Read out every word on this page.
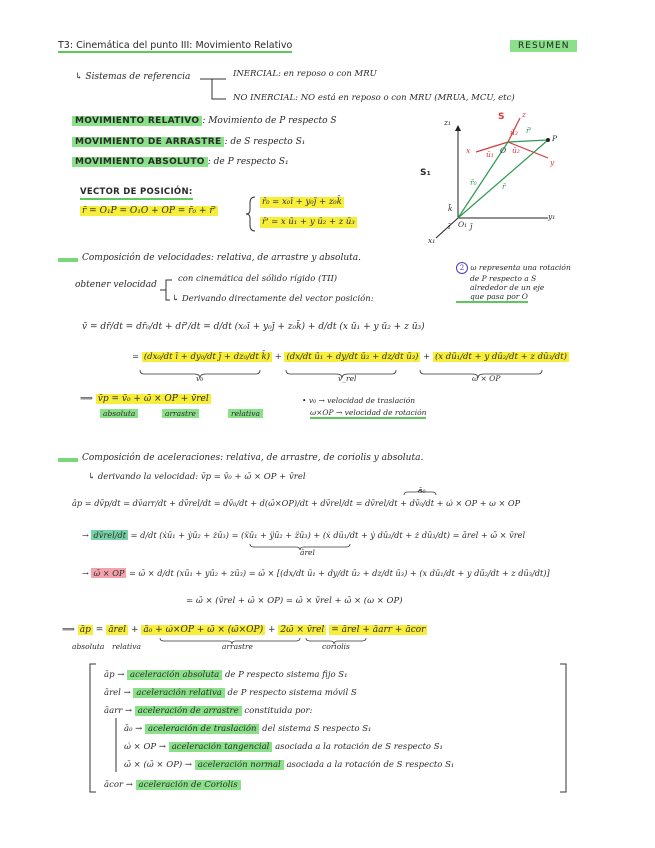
T3: Cinemática del punto III: Movimiento Relativo	RESUMEN
↳ Sistemas de referencia	INERCIAL: en reposo o con MRU
NO INERCIAL: NO está en reposo o con MRU (MRUA, MCU, etc)
MOVIMIENTO RELATIVO : Movimiento de P respecto S
MOVIMIENTO DE ARRASTRE : de S respecto S₁
MOVIMIENTO ABSOLUTO : de P respecto S₁
VECTOR DE POSICIÓN:
r̄ = O₁P = O₁O + OP = r̄₀ + r̄'
r̄₀ = x₀ī + y₀j̄ + z₀k̄
r̄' = x ū₁ + y ū₂ + z ū₃
Composición de velocidades: relativa, de arrastre y absoluta.
obtener velocidad
con cinemática del sólido rígido (TII)
↳ Derivando directamente del vector posición:
2 ω representa una rotación
de P respecto a S
alrededor de un eje
que pasa por O
v̄ = dr̄/dt = dr̄₀/dt + dr̄'/dt = d/dt (x₀ī + y₀j̄ + z₀k̄) + d/dt (x ū₁ + y ū₂ + z ū₃)
= (dx₀/dt ī + dy₀/dt j̄ + dz₀/dt k̄) + (dx/dt ū₁ + dy/dt ū₂ + dz/dt ū₃) + (x dū₁/dt + y dū₂/dt + z dū₃/dt)
v₀	v_rel	ω × OP
⟹ v̄p = v̄₀ + ω̄ × OP + v̄rel
absoluta	arrastre	relativa
• v₀ → velocidad de traslación
ω×OP → velocidad de rotación
Composición de aceleraciones: relativa, de arrastre, de coriolis y absoluta.
↳ derivando la velocidad: v̄p = v̄₀ + ω̄ × OP + v̄rel
ā₀
āp = dv̄p/dt = dv̄arr/dt + dv̄rel/dt = dv̄₀/dt + d(ω̄×OP)/dt + dv̄rel/dt = dv̄rel/dt + dv̄₀/dt + ω̇ × OP + ω × OP
→ dv̄rel/dt = d/dt (ẋū₁ + ẏū₂ + żū₃) = (ẍū₁ + ÿū₂ + z̈ū₃) + (ẋ dū₁/dt + ẏ dū₂/dt + ż dū₃/dt) = ārel + ω̄ × v̄rel
ārel
→ ω̄ × OP = ω̄ × d/dt (xū₁ + yū₂ + zū₃) = ω̄ × [(dx/dt ū₁ + dy/dt ū₂ + dz/dt ū₃) + (x dū₁/dt + y dū₂/dt + z dū₃/dt)]
= ω̄ × (v̄rel + ω̄ × OP) = ω̄ × v̄rel + ω̄ × (ω × OP)
⟹ āp = ārel + ā₀ + ω̇×OP + ω̄ × (ω̄×OP) + 2ω̄ × v̄rel = ārel + āarr + ācor
absoluta relativa	arrastre	coriolis
āp → aceleración absoluta de P respecto sistema fijo S₁
ārel → aceleración relativa de P respecto sistema móvil S
āarr → aceleración de arrastre constituida por:
ā₀ → aceleración de traslación del sistema S respecto S₁
ω̇ × OP → aceleración tangencial asociada a la rotación de S respecto S₁
ω̄ × (ω̄ × OP) → aceleración normal asociada a la rotación de S respecto S₁
ācor → aceleración de Coriolis
z₁
S z
S₁
O
O₁
P
y
x
x₁
y₁
r̄₀	r̄
r̄'
ū₁ ū₂
ū₃
k̄
ī	j̄
